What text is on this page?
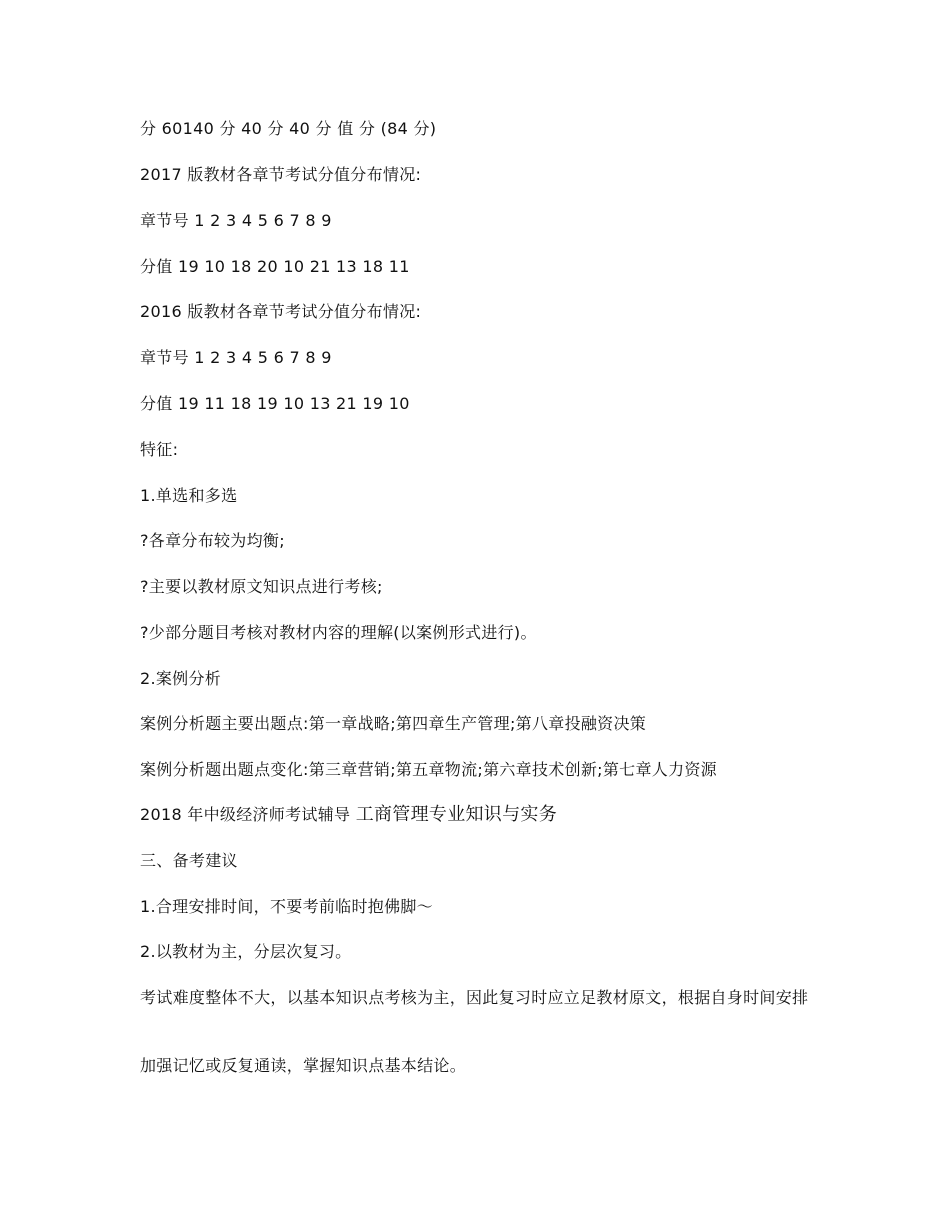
分 60140 分 40 分 40 分 值 分 (84 分)
2017 版教材各章节考试分值分布情况:
章节号 1 2 3 4 5 6 7 8 9
分值 19 10 18 20 10 21 13 18 11
2016 版教材各章节考试分值分布情况:
章节号 1 2 3 4 5 6 7 8 9
分值 19 11 18 19 10 13 21 19 10
特征:
1.单选和多选
?各章分布较为均衡;
?主要以教材原文知识点进行考核;
?少部分题目考核对教材内容的理解(以案例形式进行)。
2.案例分析
案例分析题主要出题点:第一章战略;第四章生产管理;第八章投融资决策
案例分析题出题点变化:第三章营销;第五章物流;第六章技术创新;第七章人力资源
2018 年中级经济师考试辅导 工商管理专业知识与实务
三、备考建议
1.合理安排时间，不要考前临时抱佛脚～
2.以教材为主，分层次复习。
考试难度整体不大，以基本知识点考核为主，因此复习时应立足教材原文，根据自身时间安排
加强记忆或反复通读，掌握知识点基本结论。
